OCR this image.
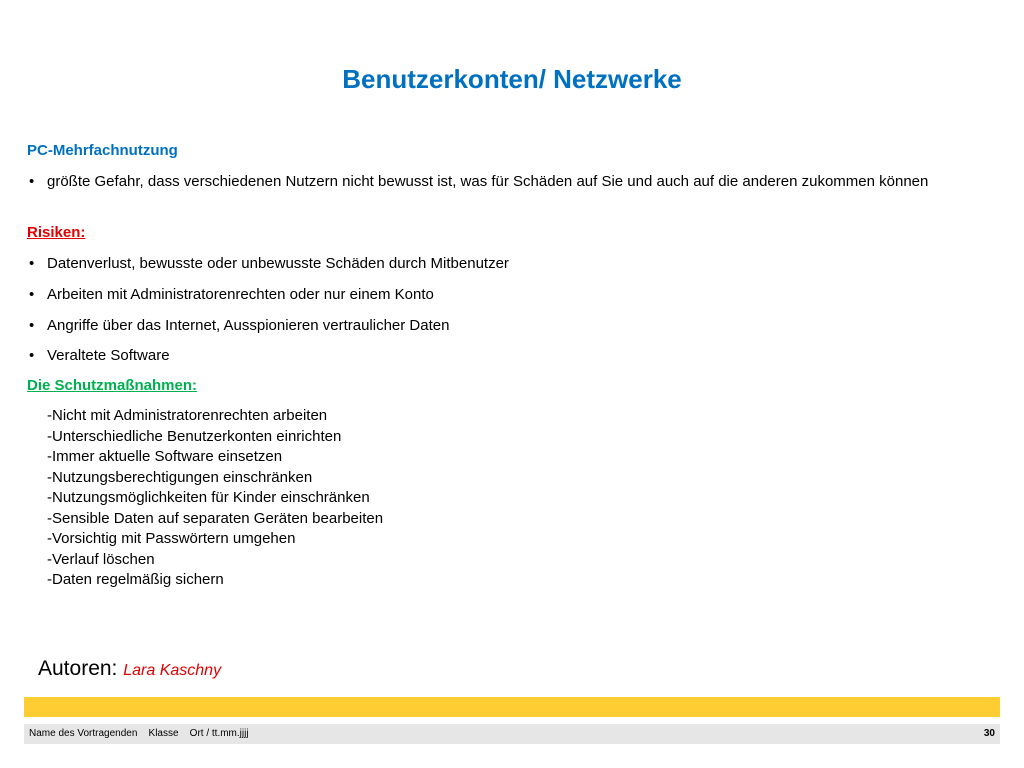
Benutzerkonten/ Netzwerke
PC-Mehrfachnutzung
• größte Gefahr, dass verschiedenen Nutzern nicht bewusst ist, was für Schäden auf Sie und auch auf die anderen zukommen können
Risiken:
• Datenverlust, bewusste oder unbewusste Schäden durch Mitbenutzer
• Arbeiten mit Administratorenrechten oder nur einem Konto
• Angriffe über das Internet, Ausspionieren vertraulicher Daten
• Veraltete Software
Die Schutzmaßnahmen:
-Nicht mit Administratorenrechten arbeiten
-Unterschiedliche Benutzerkonten einrichten
-Immer aktuelle Software einsetzen
-Nutzungsberechtigungen einschränken
-Nutzungsmöglichkeiten für Kinder einschränken
-Sensible Daten auf separaten Geräten bearbeiten
-Vorsichtig mit Passwörtern umgehen
-Verlauf löschen
-Daten regelmäßig sichern
Autoren: Lara Kaschny
Name des Vortragenden Klasse Ort / tt.mm.jjjj	30
